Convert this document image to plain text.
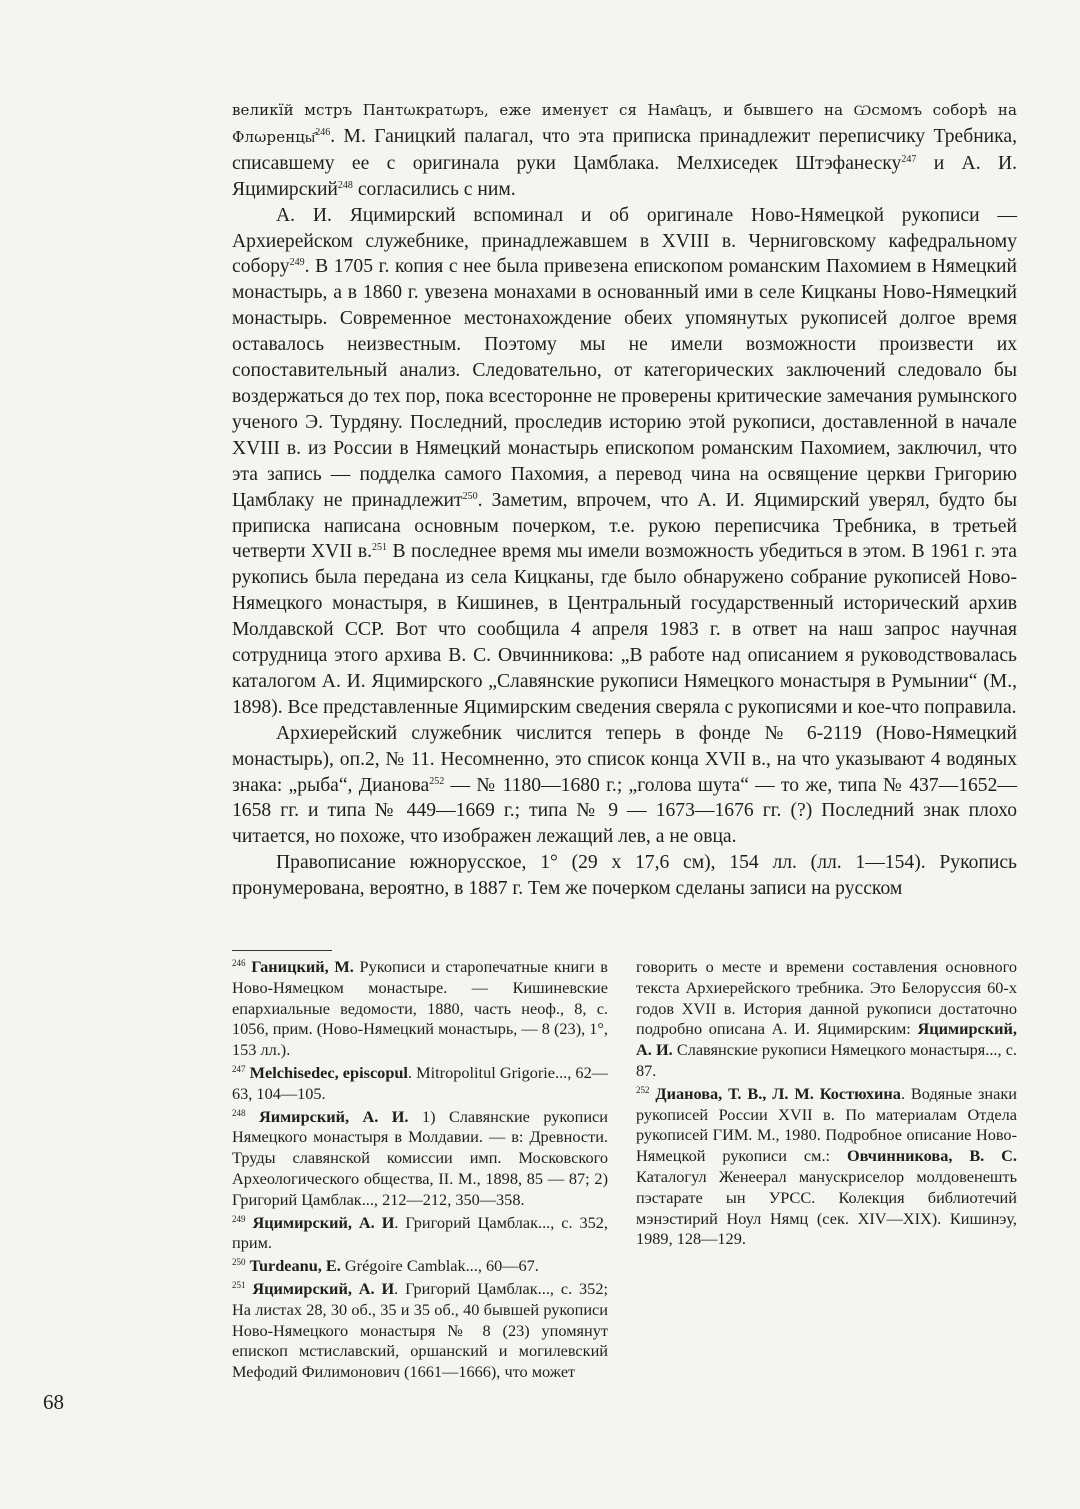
великїй мстръ Пантωкратωръ, еже именуєт ся Нам҄ацъ, и бывшего на Ѡсмомъ соборѣ на Флωренцы҄$^{246}$. М. Ганицкий палагал, что эта приписка принадлежит переписчику Требника, списавшему ее с оригинала руки Цамблака. Мелхиседек Штэфанеску$^{247}$ и А. И. Яцимирский$^{248}$ согласились с ним.

А. И. Яцимирский вспоминал и об оригинале Ново-Нямецкой рукописи — Архиерейском служебнике, принадлежавшем в XVIII в. Черниговскому кафедральному собору$^{249}$. В 1705 г. копия с нее была привезена епископом романским Пахомием в Нямецкий монастырь, а в 1860 г. увезена монахами в основанный ими в селе Кицканы Ново-Нямецкий монастырь. Современное местонахождение обеих упомянутых рукописей долгое время оставалось неизвестным. Поэтому мы не имели возможности произвести их сопоставительный анализ. Следовательно, от категорических заключений следовало бы воздержаться до тех пор, пока всесторонне не проверены критические замечания румынского ученого Э. Турдяну. Последний, проследив историю этой рукописи, доставленной в начале XVIII в. из России в Нямецкий монастырь епископом романским Пахомием, заключил, что эта запись — подделка самого Пахомия, а перевод чина на освящение церкви Григорию Цамблаку не принадлежит$^{250}$. Заметим, впрочем, что А. И. Яцимирский уверял, будто бы приписка написана основным почерком, т.е. рукою переписчика Требника, в третьей четверти XVII в.$^{251}$ В последнее время мы имели возможность убедиться в этом. В 1961 г. эта рукопись была передана из села Кицканы, где было обнаружено собрание рукописей Ново-Нямецкого монастыря, в Кишинев, в Центральный государственный исторический архив Молдавской ССР. Вот что сообщила 4 апреля 1983 г. в ответ на наш запрос научная сотрудница этого архива В. С. Овчинникова: „В работе над описанием я руководствовалась каталогом А. И. Яцимирского „Славянские рукописи Нямецкого монастыря в Румынии“ (М., 1898). Все представленные Яцимирским сведения сверяла с рукописями и кое-что поправила.

Архиерейский служебник числится теперь в фонде № 6-2119 (Ново-Нямецкий монастырь), оп.2, № 11. Несомненно, это список конца XVII в., на что указывают 4 водяных знака: „рыба“, Дианова$^{252}$ — № 1180—1680 г.; „голова шута“ — то же, типа № 437—1652—1658 гг. и типа № 449—1669 г.; типа № 9 — 1673—1676 гг. (?) Последний знак плохо читается, но похоже, что изображен лежащий лев, а не овца.

Правописание южнорусское, 1° (29 х 17,6 см), 154 лл. (лл. 1—154). Рукопись пронумерована, вероятно, в 1887 г. Тем же почерком сделаны записи на русском

$^{246}$ Ганицкий, М. Рукописи и старопечатные книги в Ново-Нямецком монастыре. — Кишиневские епархиальные ведомости, 1880, часть неоф., 8, с. 1056, прим. (Ново-Нямецкий монастырь, — 8 (23), 1°, 153 лл.).

$^{247}$ Melchisedec, episcopul. Mitropolitul Grigorie..., 62—63, 104—105.

$^{248}$ Яимирский, А. И. 1) Славянские рукописи Нямецкого монастыря в Молдавии. — в: Древности. Труды славянской комиссии имп. Московского Археологического общества, II. М., 1898, 85 — 87; 2) Григорий Цамблак..., 212—212, 350—358.

$^{249}$ Яцимирский, А. И. Григорий Цамблак..., с. 352, прим.

$^{250}$ Turdeanu, E. Grégoire Camblak..., 60—67.

$^{251}$ Яцимирский, А. И. Григорий Цамблак..., с. 352; На листах 28, 30 об., 35 и 35 об., 40 бывшей рукописи Ново-Нямецкого монастыря № 8 (23) упомянут епископ мстиславский, оршанский и могилевский Мефодий Филимонович (1661—1666), что может

говорить о месте и времени составления основного текста Архиерейского требника. Это Белоруссия 60-х годов XVII в. История данной рукописи достаточно подробно описана А. И. Яцимирским: Яцимирский, А. И. Славянские рукописи Нямецкого монастыря..., с. 87.

$^{252}$ Дианова, Т. В., Л. М. Костюхина. Водяные знаки рукописей России XVII в. По материалам Отдела рукописей ГИМ. М., 1980. Подробное описание Ново-Нямецкой рукописи см.: Овчинникова, В. С. Каталогул Женеерал манускриселор молдовенешть пэстарате ын УРСС. Колекция библиотечий мэнэстирий Ноул Нямц (сек. XIV—XIX). Кишинэу, 1989, 128—129.

68
